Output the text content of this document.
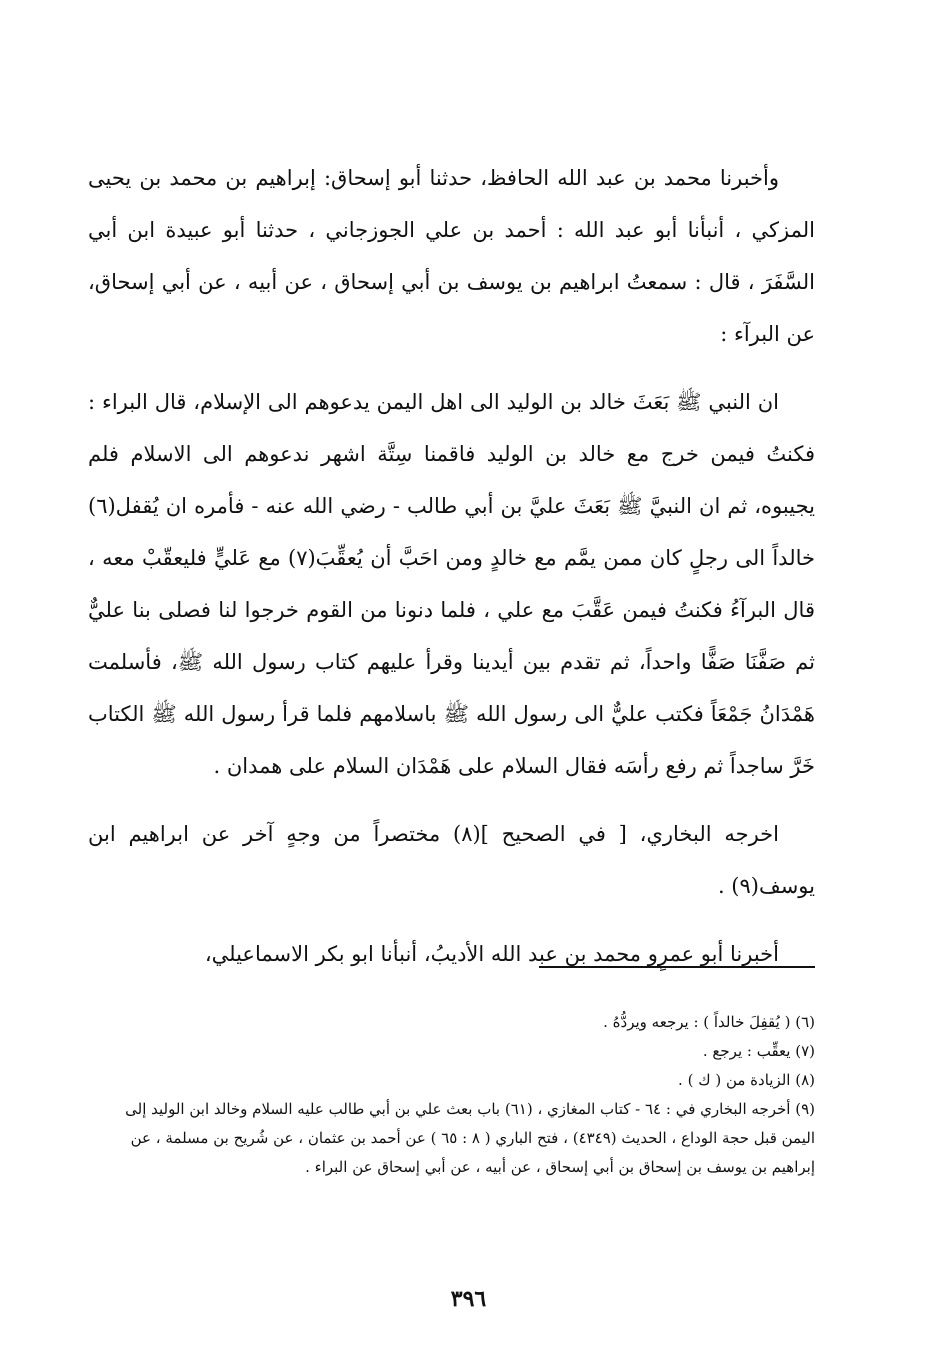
وأخبرنا محمد بن عبد الله الحافظ، حدثنا أبو إسحاق: إبراهيم بن محمد بن يحيى المزكي ، أنبأنا أبو عبد الله : أحمد بن علي الجوزجاني ، حدثنا أبو عبيدة ابن أبي السَّفَرَ ، قال : سمعتُ ابراهيم بن يوسف بن أبي إسحاق ، عن أبيه ، عن أبي إسحاق، عن البرآء :

ان النبي ﷺ بَعَثَ خالد بن الوليد الى اهل اليمن يدعوهم الى الإسلام، قال البراء : فكنتُ فيمن خرج مع خالد بن الوليد فاقمنا سِتَّة اشهر ندعوهم الى الاسلام فلم يجيبوه، ثم ان النبيَّ ﷺ بَعَثَ عليَّ بن أبي طالب - رضي الله عنه - فأمره ان يُقفل(٦) خالداً الى رجلٍ كان ممن يمَّم مع خالدٍ ومن احَبَّ أن يُعقِّبَ(٧) مع عَليٍّ فليعقّبْ معه ، قال البرآءُ فكنتُ فيمن عَقَّبَ مع علي ، فلما دنونا من القوم خرجوا لنا فصلى بنا عليٌّ ثم صَفَّنَا صَفًّا واحداً، ثم تقدم بين أيدينا وقرأ عليهم كتاب رسول الله ﷺ، فأسلمت هَمْدَانُ جَمْعَاً فكتب عليٌّ الى رسول الله ﷺ باسلامهم فلما قرأ رسول الله ﷺ الكتاب خَرَّ ساجداً ثم رفع رأسَه فقال السلام على هَمْدَان السلام على همدان .

اخرجه البخاري، [ في الصحيح ](٨) مختصراً من وجهٍ آخر عن ابراهيم ابن يوسف(٩) .

أخبرنا أبو عمرٍو محمد بن عبد الله الأديبُ، أنبأنا ابو بكر الاسماعيلي،

(٦) ( يُقفِلَ خالداً ) : يرجعه ويردُّهُ .

(٧) يعقِّب : يرجع .

(٨) الزيادة من ( ك ) .

(٩) أخرجه البخاري في : ٦٤ - كتاب المغازي ، (٦١) باب بعث علي بن أبي طالب عليه السلام وخالد ابن الوليد إلى اليمن قبل حجة الوداع ، الحديث (٤٣٤٩) ، فتح الباري ( ٨ : ٦٥ ) عن أحمد بن عثمان ، عن شُريح بن مسلمة ، عن إبراهيم بن يوسف بن إسحاق بن أبي إسحاق ، عن أبيه ، عن أبي إسحاق عن البراء .

٣٩٦
